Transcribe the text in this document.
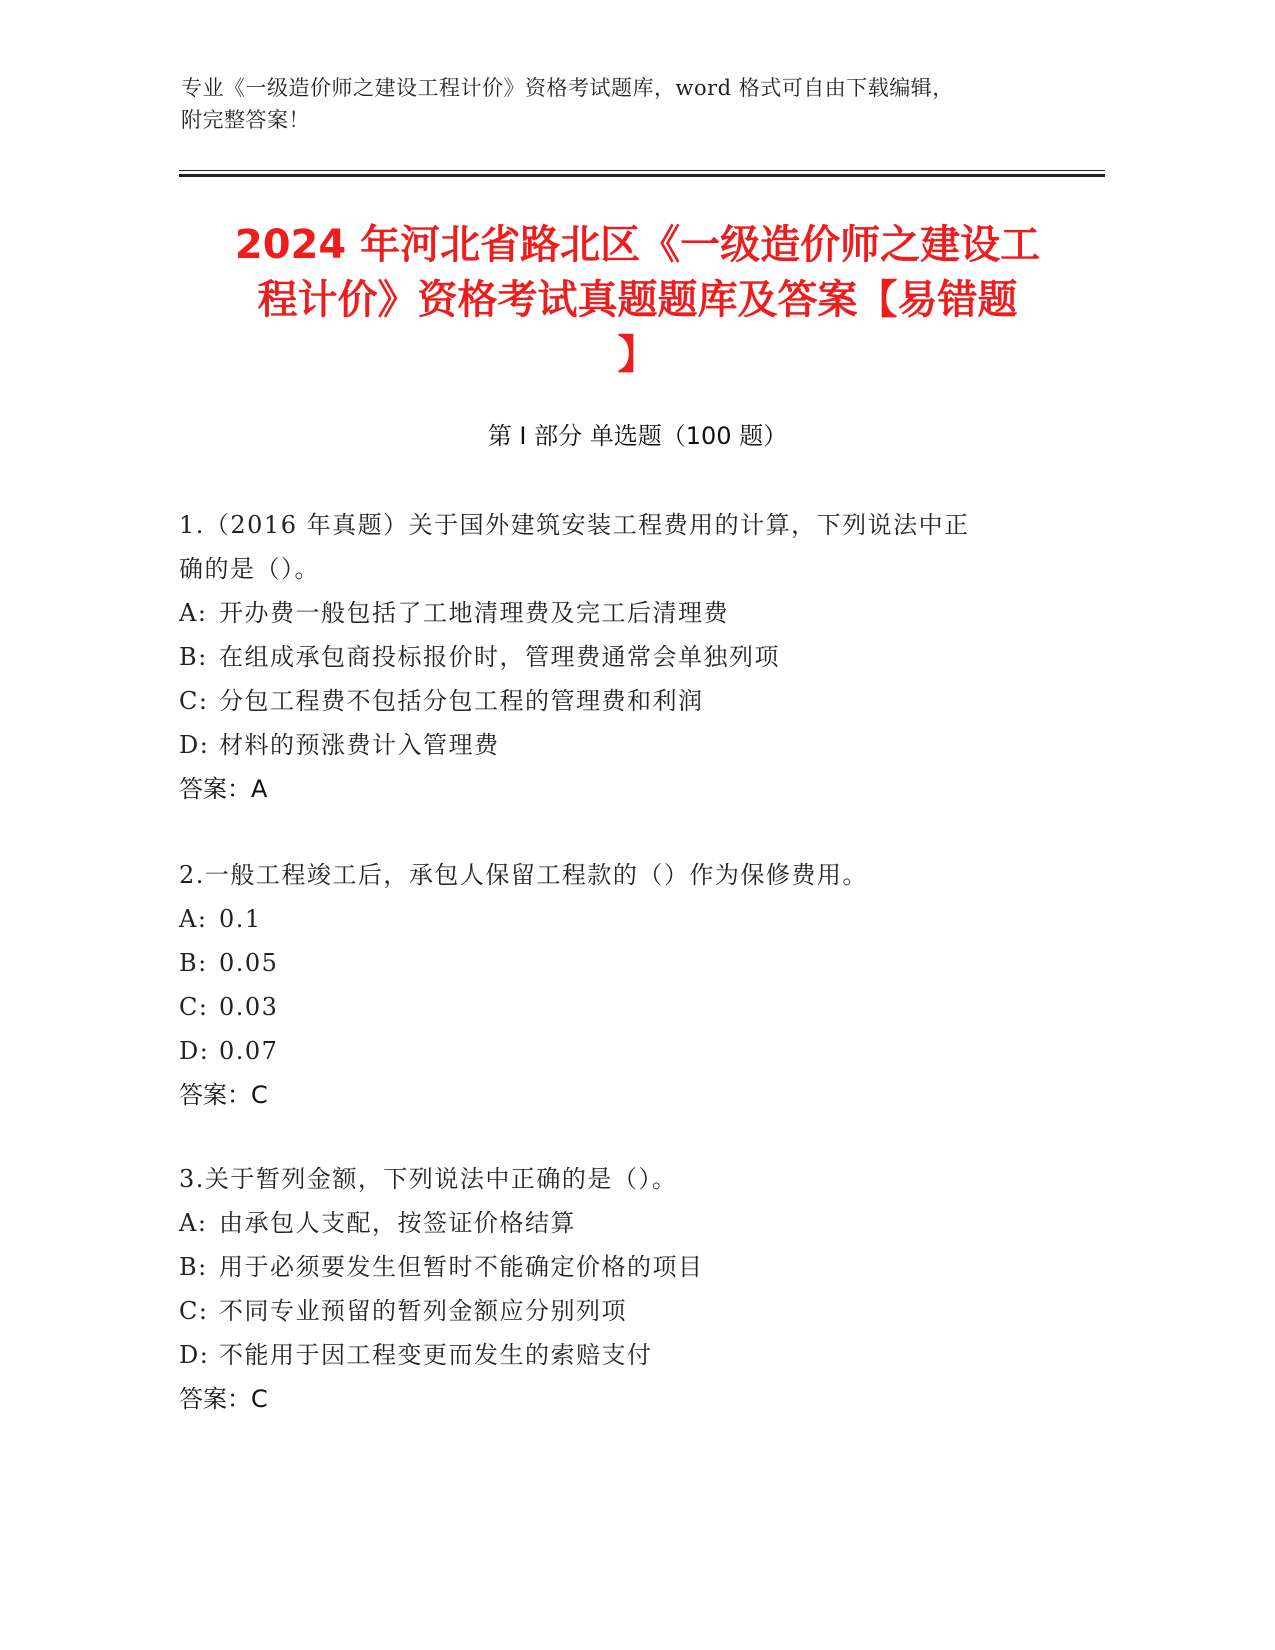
专业《一级造价师之建设工程计价》资格考试题库，word 格式可自由下载编辑，
附完整答案！
2024 年河北省路北区《一级造价师之建设工
程计价》资格考试真题题库及答案【易错题
】
第 I 部分 单选题（100 题）
1.（2016 年真题）关于国外建筑安装工程费用的计算，下列说法中正
确的是（）。
A: 开办费一般包括了工地清理费及完工后清理费
B: 在组成承包商投标报价时，管理费通常会单独列项
C: 分包工程费不包括分包工程的管理费和利润
D: 材料的预涨费计入管理费
答案：A
2.一般工程竣工后，承包人保留工程款的（）作为保修费用。
A: 0.1
B: 0.05
C: 0.03
D: 0.07
答案：C
3.关于暂列金额，下列说法中正确的是（）。
A: 由承包人支配，按签证价格结算
B: 用于必须要发生但暂时不能确定价格的项目
C: 不同专业预留的暂列金额应分别列项
D: 不能用于因工程变更而发生的索赔支付
答案：C
